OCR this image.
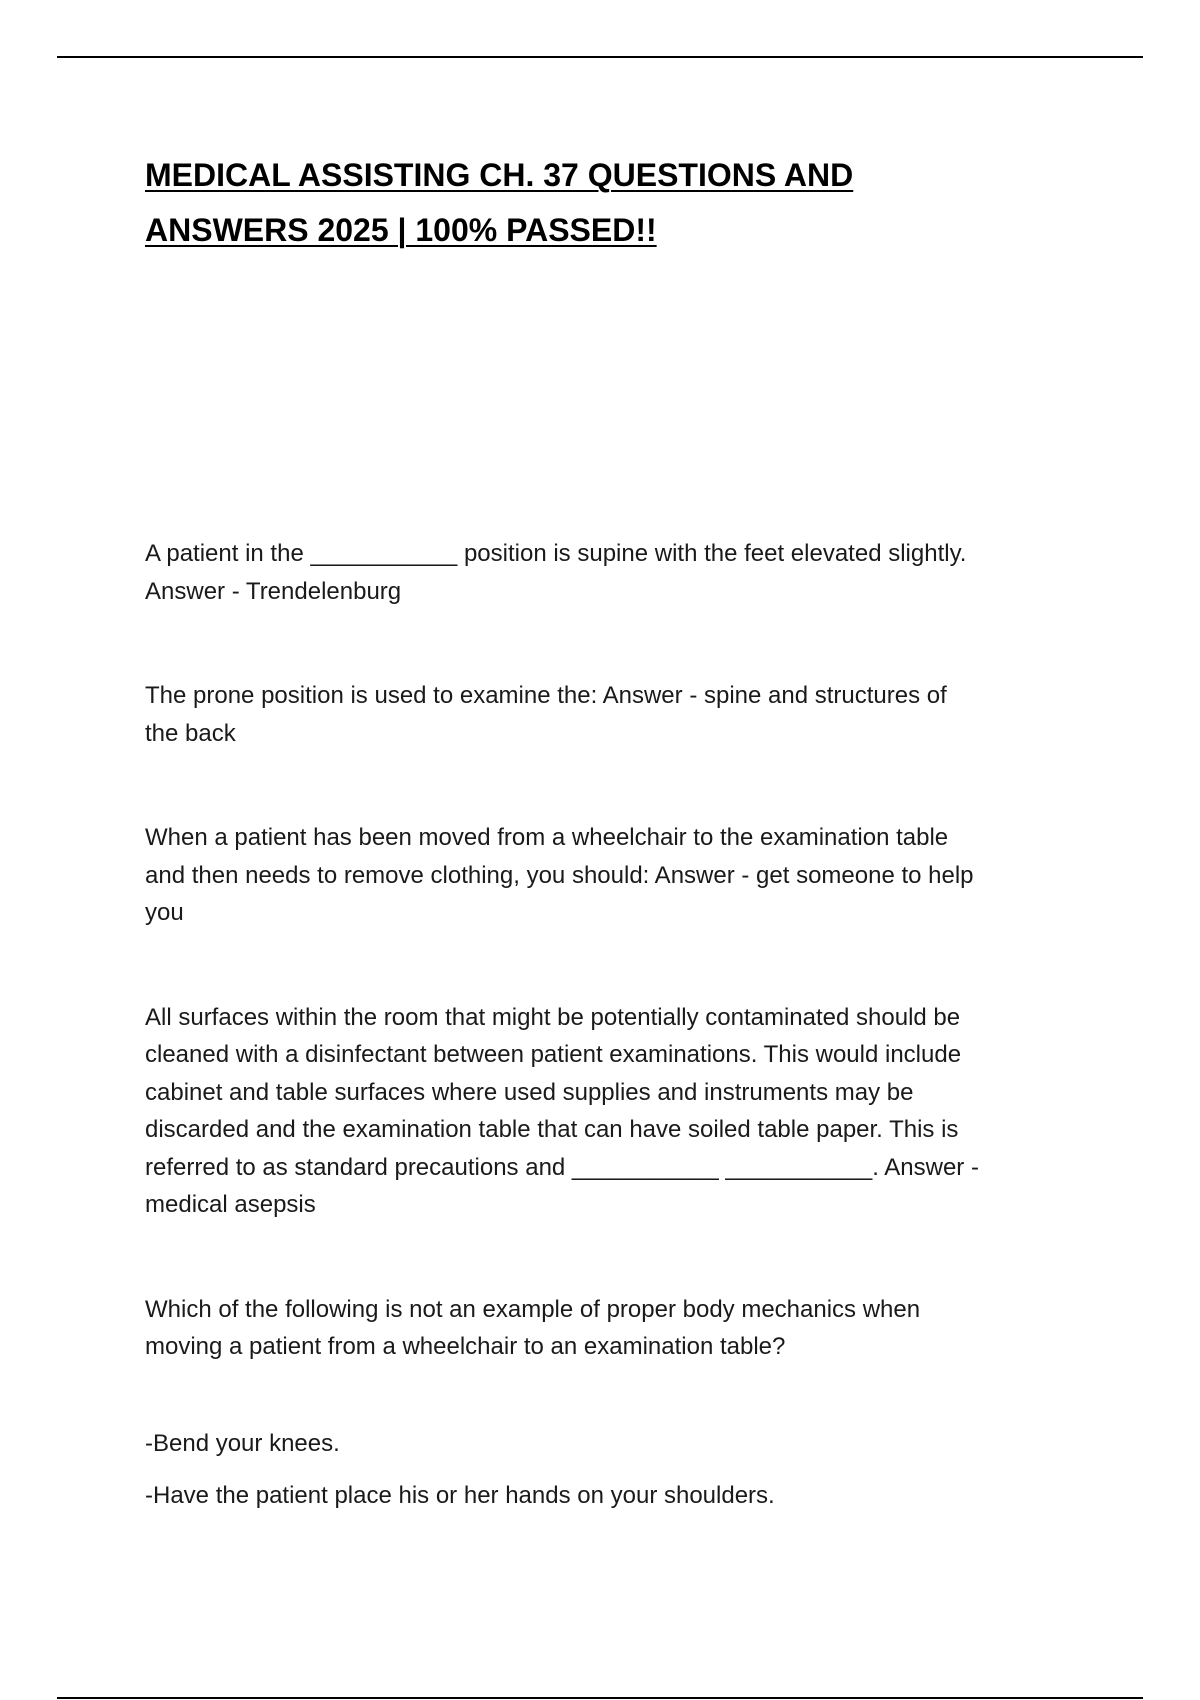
MEDICAL ASSISTING CH. 37 QUESTIONS AND
ANSWERS 2025 | 100% PASSED!!

A patient in the ___________ position is supine with the feet elevated slightly.
Answer - Trendelenburg

The prone position is used to examine the: Answer - spine and structures of
the back

When a patient has been moved from a wheelchair to the examination table
and then needs to remove clothing, you should: Answer - get someone to help
you

All surfaces within the room that might be potentially contaminated should be
cleaned with a disinfectant between patient examinations. This would include
cabinet and table surfaces where used supplies and instruments may be
discarded and the examination table that can have soiled table paper. This is
referred to as standard precautions and ___________ ___________. Answer -
medical asepsis

Which of the following is not an example of proper body mechanics when
moving a patient from a wheelchair to an examination table?

-Bend your knees.

-Have the patient place his or her hands on your shoulders.
